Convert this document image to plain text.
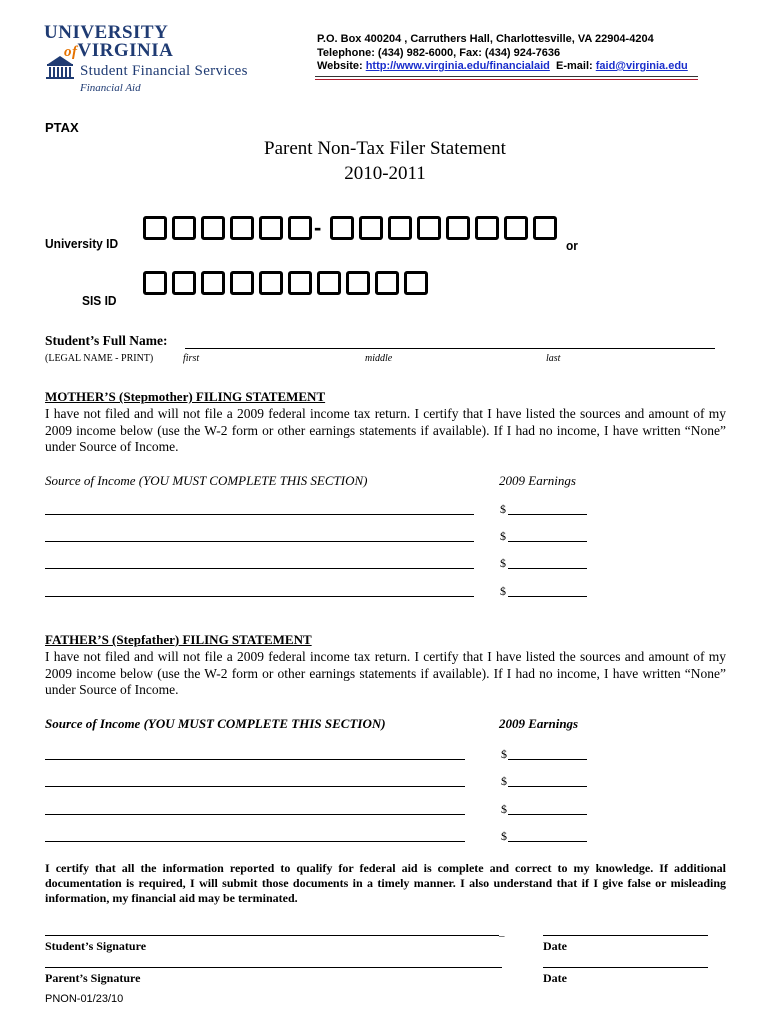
UNIVERSITY
ofVIRGINIA
Student Financial Services
Financial Aid
P.O. Box 400204 , Carruthers Hall, Charlottesville, VA 22904-4204
Telephone: (434) 982-6000, Fax: (434) 924-7636
Website: http://www.virginia.edu/financialaid E-mail: faid@virginia.edu
PTAX
Parent Non-Tax Filer Statement
2010-2011
University ID
-
or
SIS ID
Student’s Full Name:
(LEGAL NAME - PRINT)	first	middle	last
MOTHER’S (Stepmother) FILING STATEMENT
I have not filed and will not file a 2009 federal income tax return. I certify that I have listed the sources and amount of my 2009 income below (use the W-2 form or other earnings statements if available). If I had no income, I have written “None” under Source of Income.
Source of Income (YOU MUST COMPLETE THIS SECTION)	2009 Earnings
$
$
$
$
FATHER’S (Stepfather) FILING STATEMENT
I have not filed and will not file a 2009 federal income tax return. I certify that I have listed the sources and amount of my 2009 income below (use the W-2 form or other earnings statements if available). If I had no income, I have written “None” under Source of Income.
Source of Income (YOU MUST COMPLETE THIS SECTION)	2009 Earnings
$
$
$
$
I certify that all the information reported to qualify for federal aid is complete and correct to my knowledge. If additional documentation is required, I will submit those documents in a timely manner. I also understand that if I give false or misleading information, my financial aid may be terminated.
_
Student’s Signature	Date
Parent’s Signature	Date
PNON-01/23/10
